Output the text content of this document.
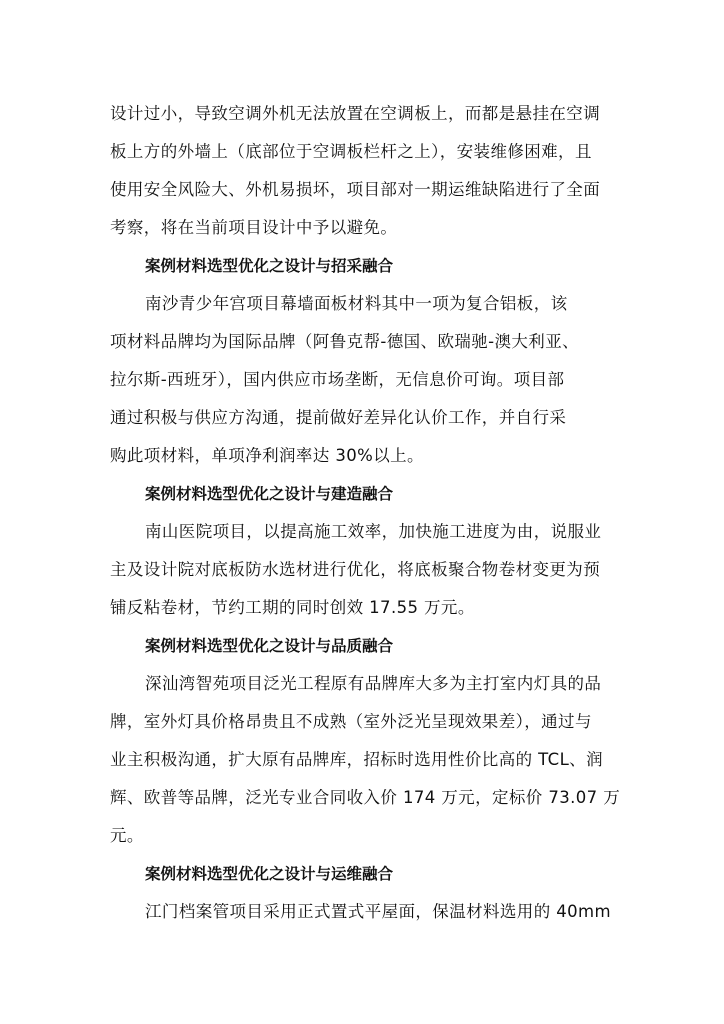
设计过小，导致空调外机无法放置在空调板上，而都是悬挂在空调
板上方的外墙上（底部位于空调板栏杆之上），安装维修困难，且
使用安全风险大、外机易损坏，项目部对一期运维缺陷进行了全面
考察，将在当前项目设计中予以避免。
案例材料选型优化之设计与招采融合
南沙青少年宫项目幕墙面板材料其中一项为复合铝板，该
项材料品牌均为国际品牌（阿鲁克帮-德国、欧瑞驰-澳大利亚、
拉尔斯-西班牙），国内供应市场垄断，无信息价可询。项目部
通过积极与供应方沟通，提前做好差异化认价工作，并自行采
购此项材料，单项净利润率达 30%以上。
案例材料选型优化之设计与建造融合
南山医院项目，以提高施工效率，加快施工进度为由，说服业
主及设计院对底板防水选材进行优化，将底板聚合物卷材变更为预
铺反粘卷材，节约工期的同时创效 17.55 万元。
案例材料选型优化之设计与品质融合
深汕湾智苑项目泛光工程原有品牌库大多为主打室内灯具的品
牌，室外灯具价格昂贵且不成熟（室外泛光呈现效果差），通过与
业主积极沟通，扩大原有品牌库，招标时选用性价比高的 TCL、润
辉、欧普等品牌，泛光专业合同收入价 174 万元，定标价 73.07 万
元。
案例材料选型优化之设计与运维融合
江门档案管项目采用正式置式平屋面，保温材料选用的 40mm
